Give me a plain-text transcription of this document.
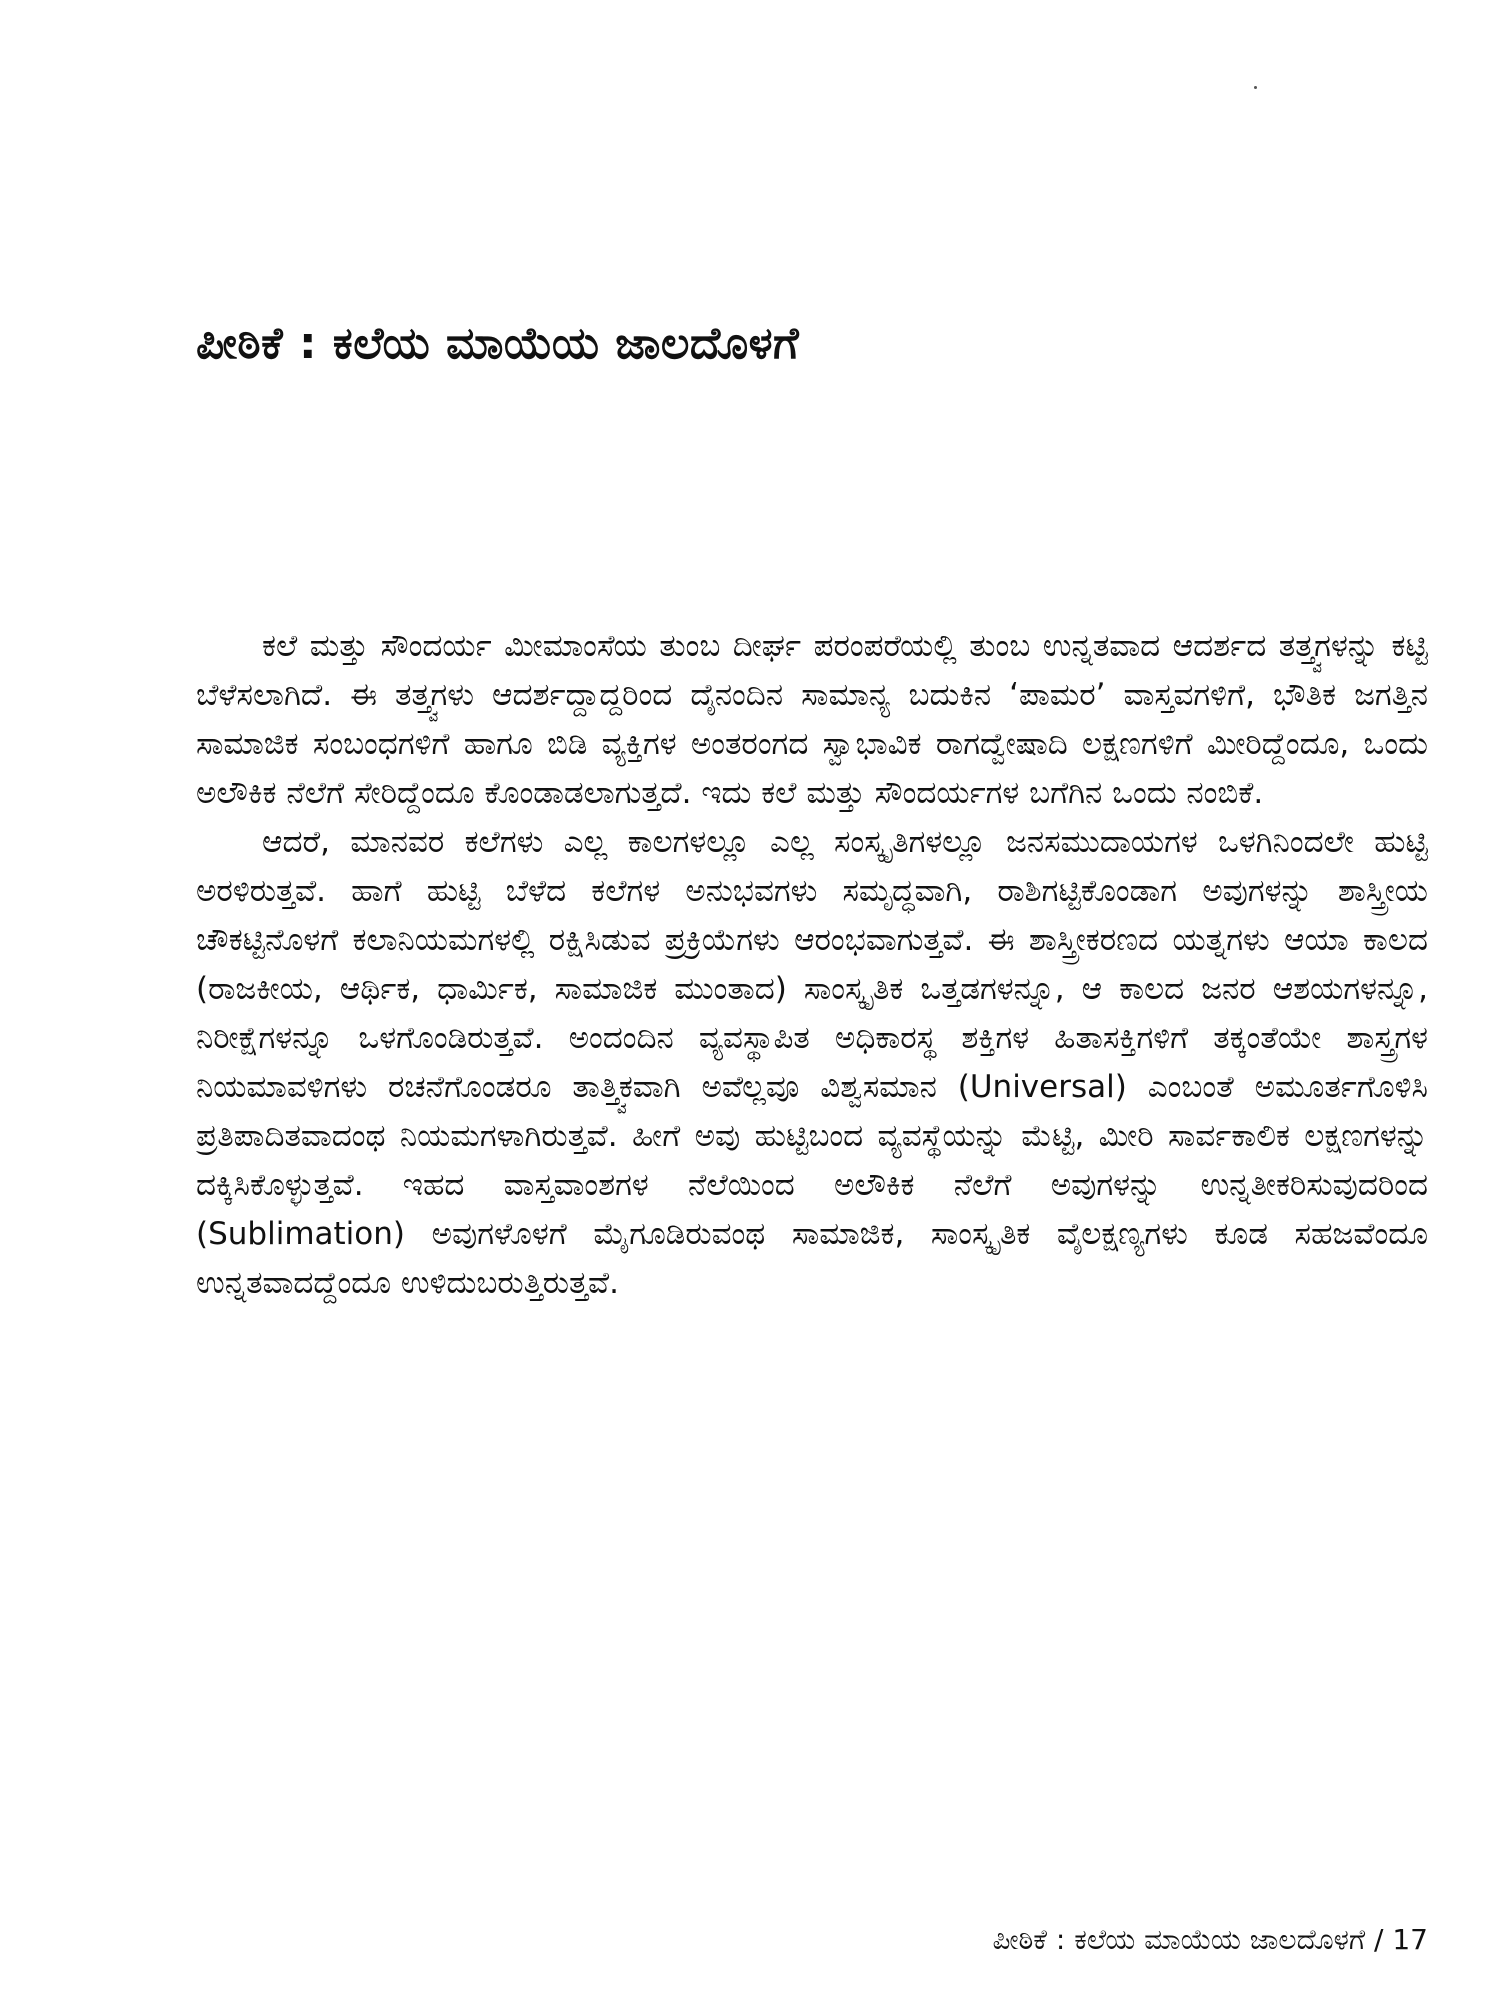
ಪೀಠಿಕೆ : ಕಲೆಯ ಮಾಯೆಯ ಜಾಲದೊಳಗೆ

ಕಲೆ ಮತ್ತು ಸೌಂದರ್ಯ ಮೀಮಾಂಸೆಯ ತುಂಬ ದೀರ್ಘ ಪರಂಪರೆಯಲ್ಲಿ ತುಂಬ ಉನ್ನತವಾದ ಆದರ್ಶದ ತತ್ತ್ವಗಳನ್ನು ಕಟ್ಟಿ ಬೆಳೆಸಲಾಗಿದೆ. ಈ ತತ್ತ್ವಗಳು ಆದರ್ಶದ್ದಾದ್ದರಿಂದ ದೈನಂದಿನ ಸಾಮಾನ್ಯ ಬದುಕಿನ ‘ಪಾಮರ’ ವಾಸ್ತವಗಳಿಗೆ, ಭೌತಿಕ ಜಗತ್ತಿನ ಸಾಮಾಜಿಕ ಸಂಬಂಧಗಳಿಗೆ ಹಾಗೂ ಬಿಡಿ ವ್ಯಕ್ತಿಗಳ ಅಂತರಂಗದ ಸ್ವಾಭಾವಿಕ ರಾಗದ್ವೇಷಾದಿ ಲಕ್ಷಣಗಳಿಗೆ ಮೀರಿದ್ದೆಂದೂ, ಒಂದು ಅಲೌಕಿಕ ನೆಲೆಗೆ ಸೇರಿದ್ದೆಂದೂ ಕೊಂಡಾಡಲಾಗುತ್ತದೆ. ಇದು ಕಲೆ ಮತ್ತು ಸೌಂದರ್ಯಗಳ ಬಗೆಗಿನ ಒಂದು ನಂಬಿಕೆ.

ಆದರೆ, ಮಾನವರ ಕಲೆಗಳು ಎಲ್ಲ ಕಾಲಗಳಲ್ಲೂ ಎಲ್ಲ ಸಂಸ್ಕೃತಿಗಳಲ್ಲೂ ಜನಸಮುದಾಯಗಳ ಒಳಗಿನಿಂದಲೇ ಹುಟ್ಟಿ ಅರಳಿರುತ್ತವೆ. ಹಾಗೆ ಹುಟ್ಟಿ ಬೆಳೆದ ಕಲೆಗಳ ಅನುಭವಗಳು ಸಮೃದ್ಧವಾಗಿ, ರಾಶಿಗಟ್ಟಿಕೊಂಡಾಗ ಅವುಗಳನ್ನು ಶಾಸ್ತ್ರೀಯ ಚೌಕಟ್ಟಿನೊಳಗೆ ಕಲಾನಿಯಮಗಳಲ್ಲಿ ರಕ್ಷಿಸಿಡುವ ಪ್ರಕ್ರಿಯೆಗಳು ಆರಂಭವಾಗುತ್ತವೆ. ಈ ಶಾಸ್ತ್ರೀಕರಣದ ಯತ್ನಗಳು ಆಯಾ ಕಾಲದ (ರಾಜಕೀಯ, ಆರ್ಥಿಕ, ಧಾರ್ಮಿಕ, ಸಾಮಾಜಿಕ ಮುಂತಾದ) ಸಾಂಸ್ಕೃತಿಕ ಒತ್ತಡಗಳನ್ನೂ, ಆ ಕಾಲದ ಜನರ ಆಶಯಗಳನ್ನೂ, ನಿರೀಕ್ಷೆಗಳನ್ನೂ ಒಳಗೊಂಡಿರುತ್ತವೆ. ಅಂದಂದಿನ ವ್ಯವಸ್ಥಾಪಿತ ಅಧಿಕಾರಸ್ಥ ಶಕ್ತಿಗಳ ಹಿತಾಸಕ್ತಿಗಳಿಗೆ ತಕ್ಕಂತೆಯೇ ಶಾಸ್ತ್ರಗಳ ನಿಯಮಾವಳಿಗಳು ರಚನೆಗೊಂಡರೂ ತಾತ್ತ್ವಿಕವಾಗಿ ಅವೆಲ್ಲವೂ ವಿಶ್ವಸಮಾನ (Universal) ಎಂಬಂತೆ ಅಮೂರ್ತಗೊಳಿಸಿ ಪ್ರತಿಪಾದಿತವಾದಂಥ ನಿಯಮಗಳಾಗಿರುತ್ತವೆ. ಹೀಗೆ ಅವು ಹುಟ್ಟಿಬಂದ ವ್ಯವಸ್ಥೆಯನ್ನು ಮೆಟ್ಟಿ, ಮೀರಿ ಸಾರ್ವಕಾಲಿಕ ಲಕ್ಷಣಗಳನ್ನು ದಕ್ಕಿಸಿಕೊಳ್ಳುತ್ತವೆ. ಇಹದ ವಾಸ್ತವಾಂಶಗಳ ನೆಲೆಯಿಂದ ಅಲೌಕಿಕ ನೆಲೆಗೆ ಅವುಗಳನ್ನು ಉನ್ನತೀಕರಿಸುವುದರಿಂದ (Sublimation) ಅವುಗಳೊಳಗೆ ಮೈಗೂಡಿರುವಂಥ ಸಾಮಾಜಿಕ, ಸಾಂಸ್ಕೃತಿಕ ವೈಲಕ್ಷಣ್ಯಗಳು ಕೂಡ ಸಹಜವೆಂದೂ ಉನ್ನತವಾದದ್ದೆಂದೂ ಉಳಿದುಬರುತ್ತಿರುತ್ತವೆ.

ಪೀಠಿಕೆ : ಕಲೆಯ ಮಾಯೆಯ ಜಾಲದೊಳಗೆ / 17
